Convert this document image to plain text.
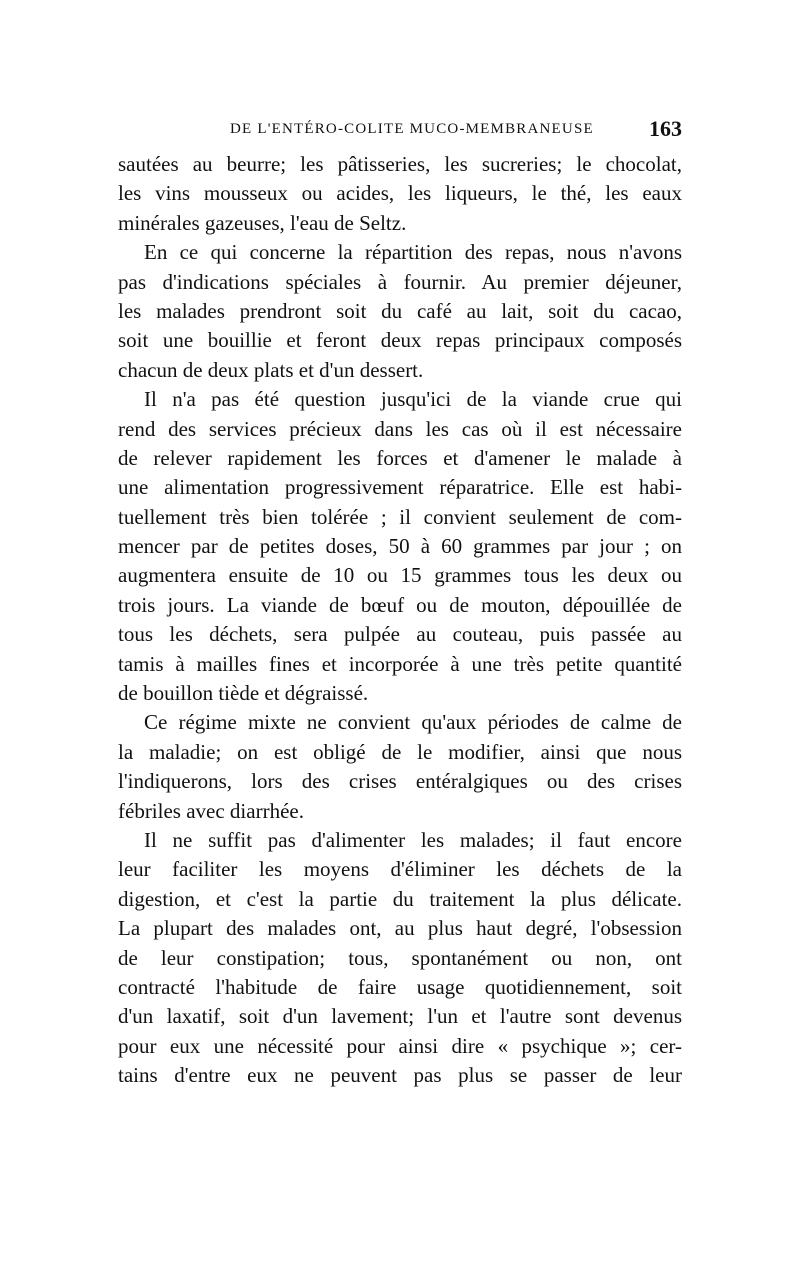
DE L'ENTÉRO-COLITE MUCO-MEMBRANEUSE	163
sautées au beurre; les pâtisseries, les sucreries; le chocolat,
les vins mousseux ou acides, les liqueurs, le thé, les eaux
minérales gazeuses, l'eau de Seltz.
En ce qui concerne la répartition des repas, nous n'avons
pas d'indications spéciales à fournir. Au premier déjeuner,
les malades prendront soit du café au lait, soit du cacao,
soit une bouillie et feront deux repas principaux composés
chacun de deux plats et d'un dessert.
Il n'a pas été question jusqu'ici de la viande crue qui
rend des services précieux dans les cas où il est nécessaire
de relever rapidement les forces et d'amener le malade à
une alimentation progressivement réparatrice. Elle est habi-
tuellement très bien tolérée ; il convient seulement de com-
mencer par de petites doses, 50 à 60 grammes par jour ; on
augmentera ensuite de 10 ou 15 grammes tous les deux ou
trois jours. La viande de bœuf ou de mouton, dépouillée de
tous les déchets, sera pulpée au couteau, puis passée au
tamis à mailles fines et incorporée à une très petite quantité
de bouillon tiède et dégraissé.
Ce régime mixte ne convient qu'aux périodes de calme de
la maladie; on est obligé de le modifier, ainsi que nous
l'indiquerons, lors des crises entéralgiques ou des crises
fébriles avec diarrhée.
Il ne suffit pas d'alimenter les malades; il faut encore
leur faciliter les moyens d'éliminer les déchets de la
digestion, et c'est la partie du traitement la plus délicate.
La plupart des malades ont, au plus haut degré, l'obsession
de leur constipation; tous, spontanément ou non, ont
contracté l'habitude de faire usage quotidiennement, soit
d'un laxatif, soit d'un lavement; l'un et l'autre sont devenus
pour eux une nécessité pour ainsi dire « psychique »; cer-
tains d'entre eux ne peuvent pas plus se passer de leur
